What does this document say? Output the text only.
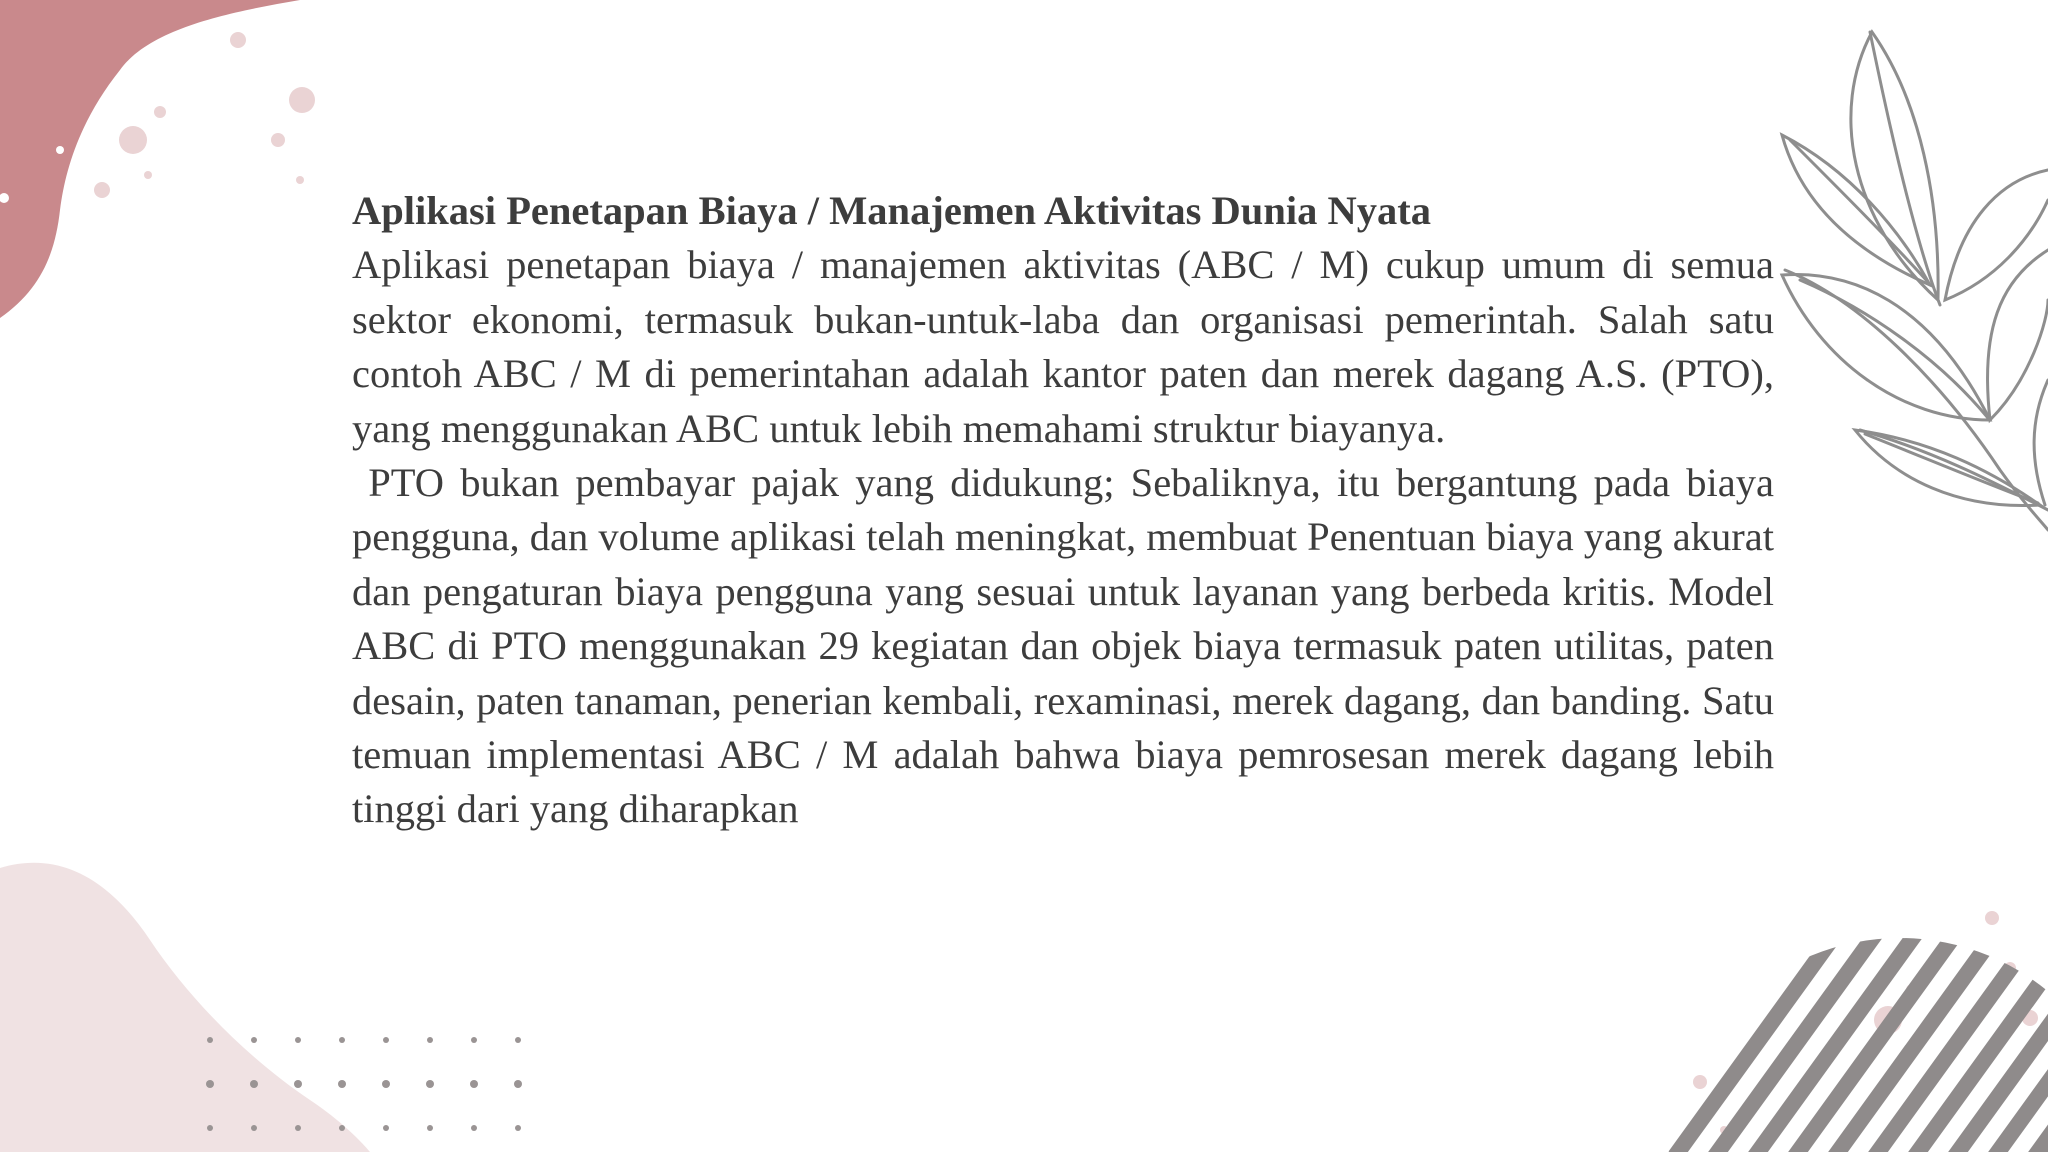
Aplikasi Penetapan Biaya / Manajemen Aktivitas Dunia Nyata

Aplikasi penetapan biaya / manajemen aktivitas (ABC / M) cukup umum di semua sektor ekonomi, termasuk bukan-untuk-laba dan organisasi pemerintah. Salah satu contoh ABC / M di pemerintahan adalah kantor paten dan merek dagang A.S. (PTO), yang menggunakan ABC untuk lebih memahami struktur biayanya.

PTO bukan pembayar pajak yang didukung; Sebaliknya, itu bergantung pada biaya pengguna, dan volume aplikasi telah meningkat, membuat Penentuan biaya yang akurat dan pengaturan biaya pengguna yang sesuai untuk layanan yang berbeda kritis. Model ABC di PTO menggunakan 29 kegiatan dan objek biaya termasuk paten utilitas, paten desain, paten tanaman, penerian kembali, rexaminasi, merek dagang, dan banding. Satu temuan implementasi ABC / M adalah bahwa biaya pemrosesan merek dagang lebih tinggi dari yang diharapkan
